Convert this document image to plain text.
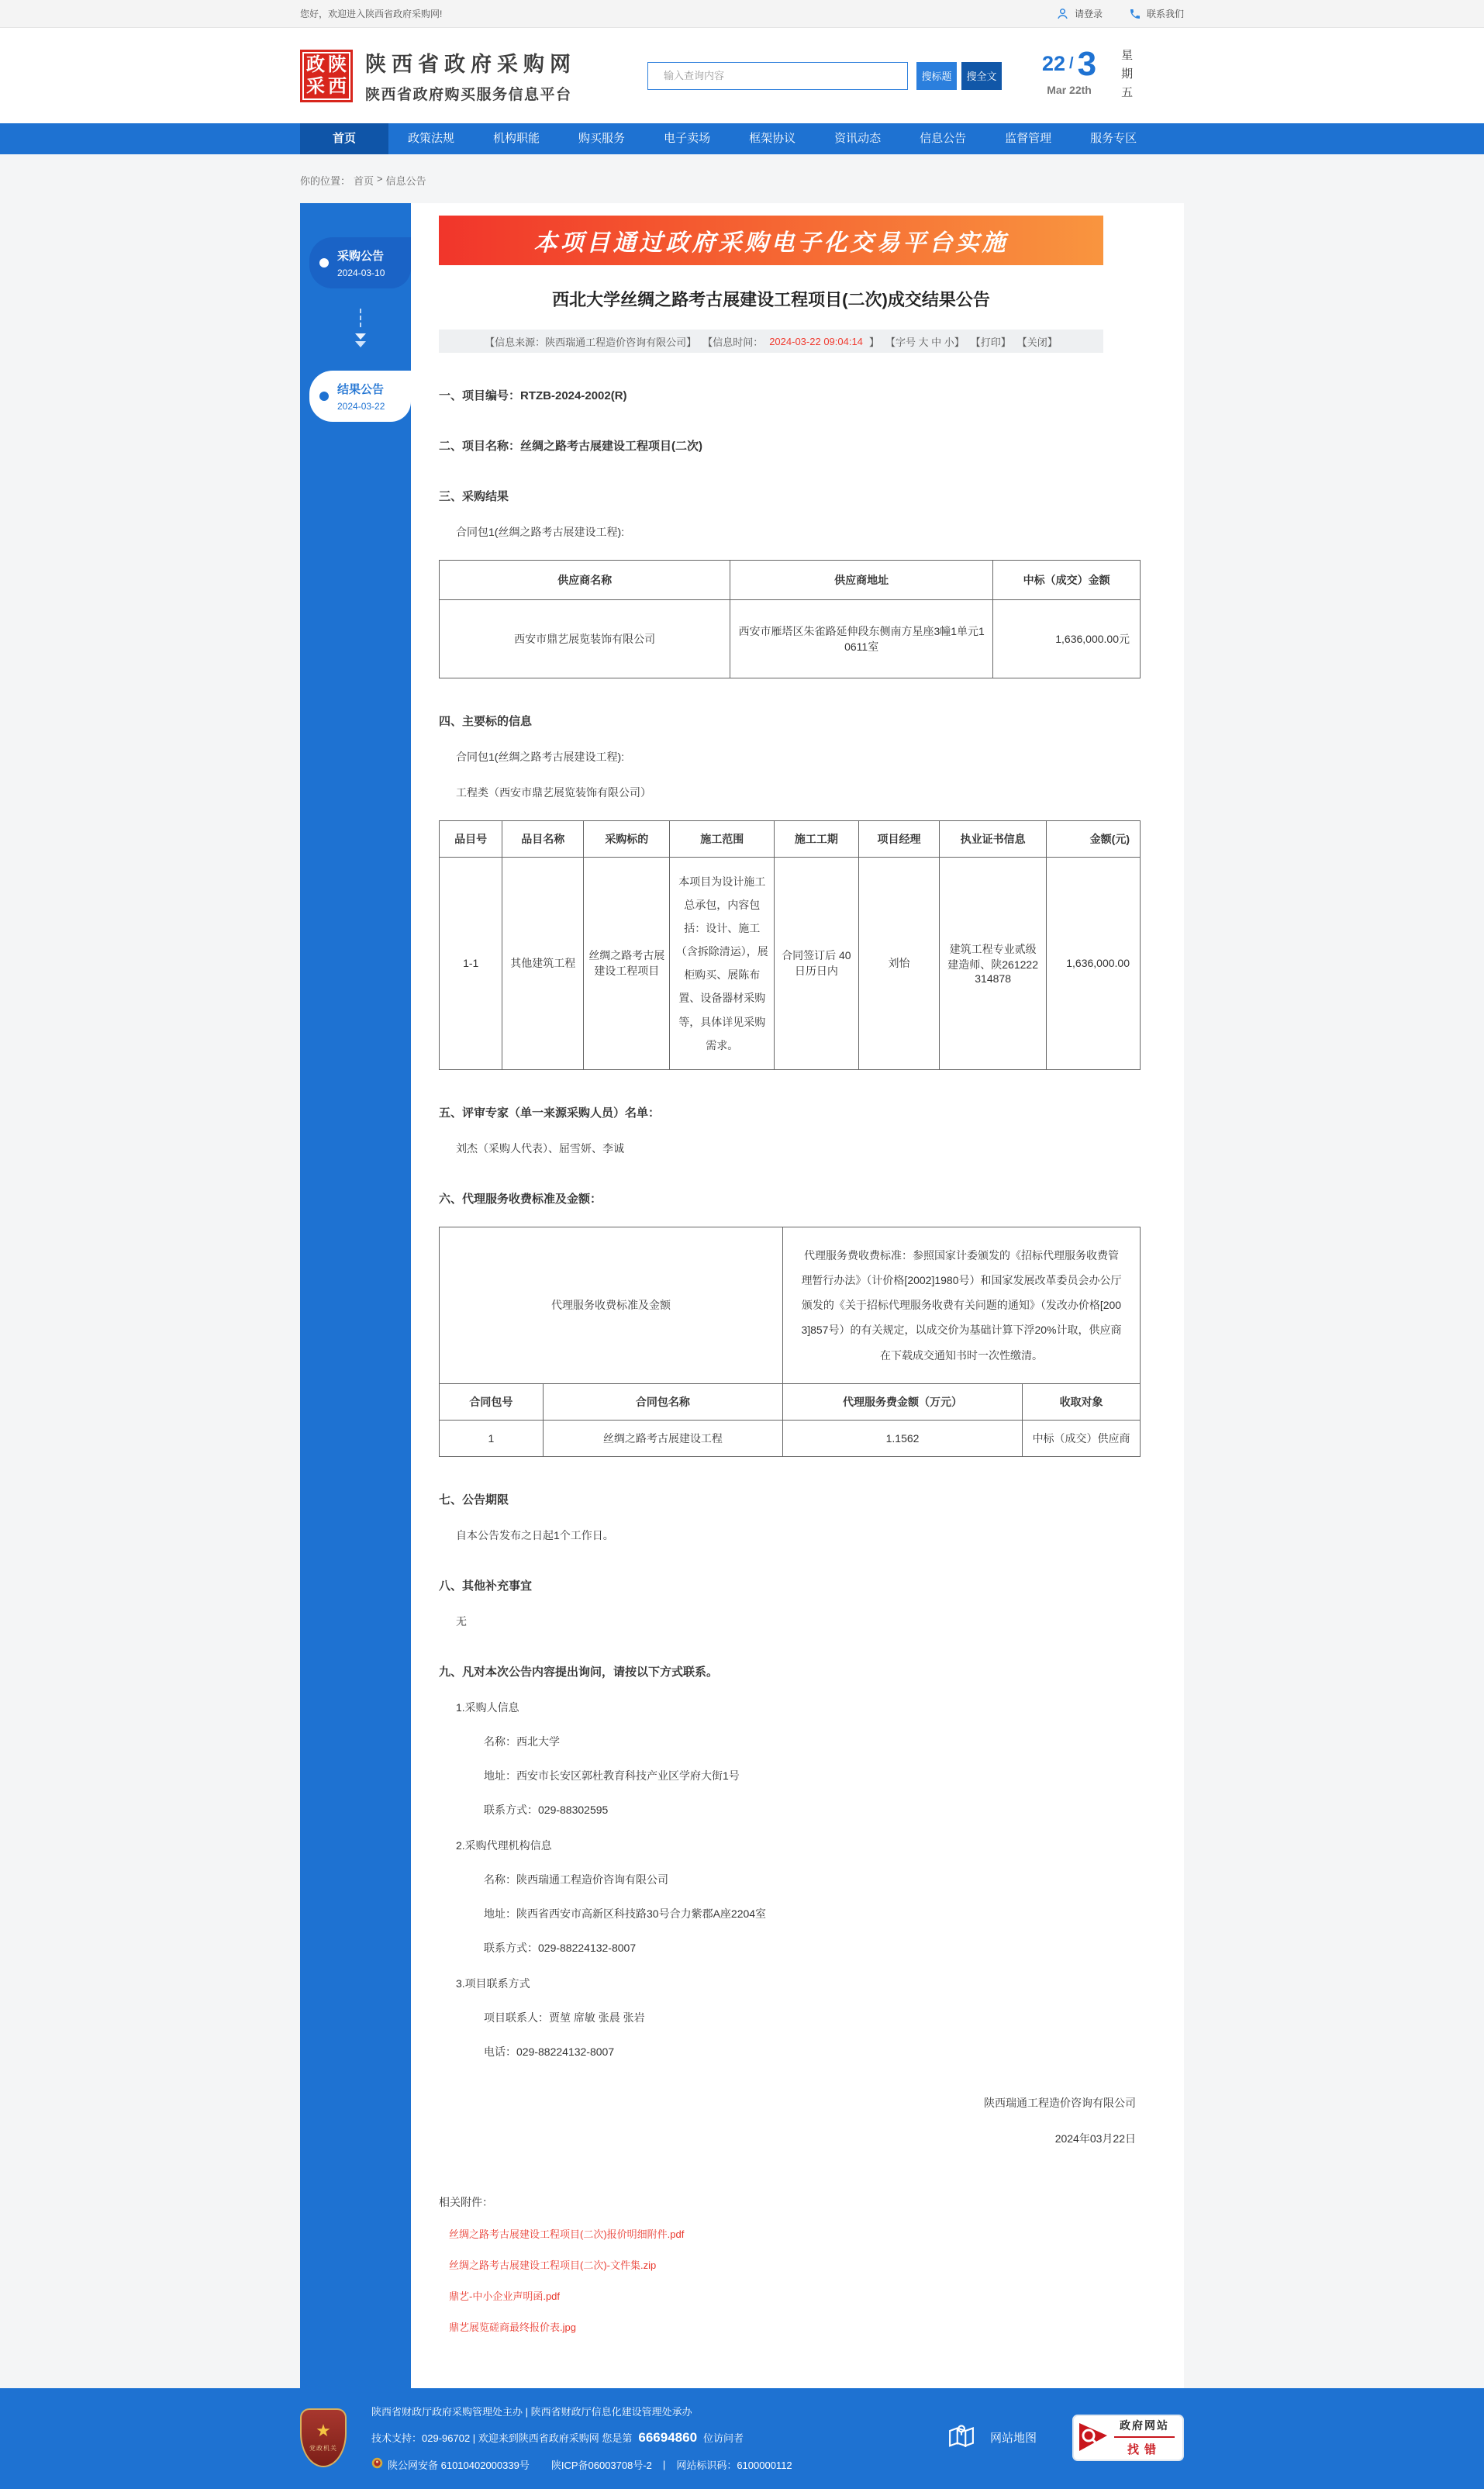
您好，欢迎进入陕西省政府采购网!	请登录	联系我们
政 陕
采 西
陕西省政府采购网
陕西省政府购买服务信息平台
输入查询内容
搜标题	搜全文
22 / 3
Mar 22th	星期五
首页	政策法规	机构职能	购买服务	电子卖场	框架协议	资讯动态	信息公告	监督管理	服务专区
你的位置： 首页 > 信息公告
采购公告
2024-03-10
结果公告
2024-03-22
本项目通过政府采购电子化交易平台实施
西北大学丝绸之路考古展建设工程项目(二次)成交结果公告
【信息来源：陕西瑞通工程造价咨询有限公司】 【信息时间： 2024-03-22 09:04:14 】 【字号 大 中 小】 【打印】 【关闭】
一、项目编号：RTZB-2024-2002(R)
二、项目名称：丝绸之路考古展建设工程项目(二次)
三、采购结果
合同包1(丝绸之路考古展建设工程):
供应商名称	供应商地址	中标（成交）金额
西安市鼎艺展览装饰有限公司	西安市雁塔区朱雀路延伸段东侧南方星座3幢1单元10611室	1,636,000.00元
四、主要标的信息
合同包1(丝绸之路考古展建设工程):
工程类（西安市鼎艺展览装饰有限公司）
品目号	品目名称	采购标的	施工范围	施工工期	项目经理	执业证书信息	金额(元)
1-1	其他建筑工程	丝绸之路考古展建设工程项目	本项目为设计施工总承包，内容包括：设计、施工（含拆除清运），展柜购买、展陈布置、设备器材采购等，具体详见采购需求。	合同签订后 40 日历日内	刘怡	建筑工程专业贰级建造师、陕261222314878	1,636,000.00
五、评审专家（单一来源采购人员）名单：
刘杰（采购人代表）、屈雪妍、李诚
六、代理服务收费标准及金额：
代理服务收费标准及金额		代理服务费收费标准：参照国家计委颁发的《招标代理服务收费管理暂行办法》（计价格[2002]1980号）和国家发展改革委员会办公厅颁发的《关于招标代理服务收费有关问题的通知》（发改办价格[2003]857号）的有关规定，以成交价为基础计算下浮20%计取，供应商在下载成交通知书时一次性缴清。	
合同包号	合同包名称	代理服务费金额（万元）	收取对象
1	丝绸之路考古展建设工程	1.1562	中标（成交）供应商
七、公告期限
自本公告发布之日起1个工作日。
八、其他补充事宜
无
九、凡对本次公告内容提出询问，请按以下方式联系。
1.采购人信息
名称：西北大学
地址：西安市长安区郭杜教育科技产业区学府大街1号
联系方式：029-88302595
2.采购代理机构信息
名称：陕西瑞通工程造价咨询有限公司
地址：陕西省西安市高新区科技路30号合力紫郡A座2204室
联系方式：029-88224132-8007
3.项目联系方式
项目联系人：贾堃 席敏 张晨 张岩
电话：029-88224132-8007
陕西瑞通工程造价咨询有限公司
2024年03月22日
相关附件：
丝绸之路考古展建设工程项目(二次)报价明细附件.pdf
丝绸之路考古展建设工程项目(二次)-文件集.zip
鼎艺-中小企业声明函.pdf
鼎艺展览磋商最终报价表.jpg
★
党政机关
陕西省财政厅政府采购管理处主办 | 陕西省财政厅信息化建设管理处承办
技术支持：029-96702 | 欢迎来到陕西省政府采购网 您是第 66694860 位访问者
陕公网安备 61010402000339号 陕ICP备06003708号-2 | 网站标识码：6100000112
网站地图
政府网站
找错
